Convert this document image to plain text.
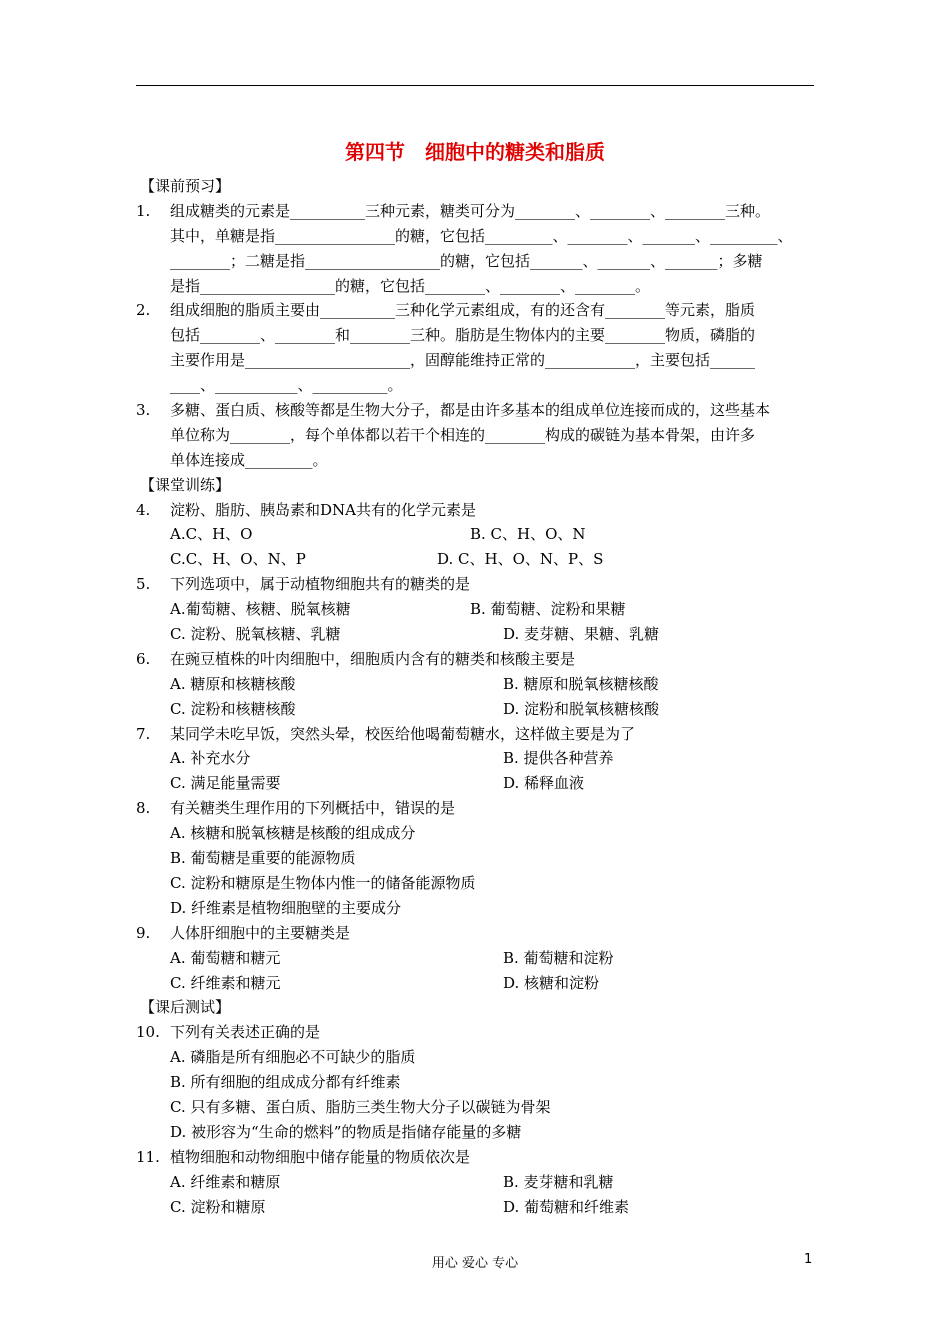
第四节　细胞中的糖类和脂质
【课前预习】
1. 组成糖类的元素是__________三种元素，糖类可分为________、________、________三种。
其中，单糖是指________________的糖，它包括_________、________、_______、_________、
________；二糖是指__________________的糖，它包括_______、_______、_______；多糖
是指__________________的糖，它包括________、________、________。
2. 组成细胞的脂质主要由__________三种化学元素组成，有的还含有________等元素，脂质
包括________、________和________三种。脂肪是生物体内的主要________物质，磷脂的
主要作用是______________________，固醇能维持正常的____________，主要包括______
____、___________、__________。
3. 多糖、蛋白质、核酸等都是生物大分子，都是由许多基本的组成单位连接而成的，这些基本
单位称为________，每个单体都以若干个相连的________构成的碳链为基本骨架，由许多
单体连接成_________。
【课堂训练】
4. 淀粉、脂肪、胰岛素和DNA共有的化学元素是
A.C、H、O	B. C、H、O、N
C.C、H、O、N、P	D. C、H、O、N、P、S
5. 下列选项中，属于动植物细胞共有的糖类的是
A.葡萄糖、核糖、脱氧核糖	B. 葡萄糖、淀粉和果糖
C. 淀粉、脱氧核糖、乳糖	D. 麦芽糖、果糖、乳糖
6. 在豌豆植株的叶肉细胞中，细胞质内含有的糖类和核酸主要是
A. 糖原和核糖核酸	B. 糖原和脱氧核糖核酸
C. 淀粉和核糖核酸	D. 淀粉和脱氧核糖核酸
7. 某同学未吃早饭，突然头晕，校医给他喝葡萄糖水，这样做主要是为了
A. 补充水分	B. 提供各种营养
C. 满足能量需要	D. 稀释血液
8. 有关糖类生理作用的下列概括中，错误的是
A. 核糖和脱氧核糖是核酸的组成成分
B. 葡萄糖是重要的能源物质
C. 淀粉和糖原是生物体内惟一的储备能源物质
D. 纤维素是植物细胞壁的主要成分
9. 人体肝细胞中的主要糖类是
A. 葡萄糖和糖元	B. 葡萄糖和淀粉
C. 纤维素和糖元	D. 核糖和淀粉
【课后测试】
10. 下列有关表述正确的是
A. 磷脂是所有细胞必不可缺少的脂质
B. 所有细胞的组成成分都有纤维素
C. 只有多糖、蛋白质、脂肪三类生物大分子以碳链为骨架
D. 被形容为“生命的燃料”的物质是指储存能量的多糖
11. 植物细胞和动物细胞中储存能量的物质依次是
A. 纤维素和糖原	B. 麦芽糖和乳糖
C. 淀粉和糖原	D. 葡萄糖和纤维素
用心 爱心 专心	1
